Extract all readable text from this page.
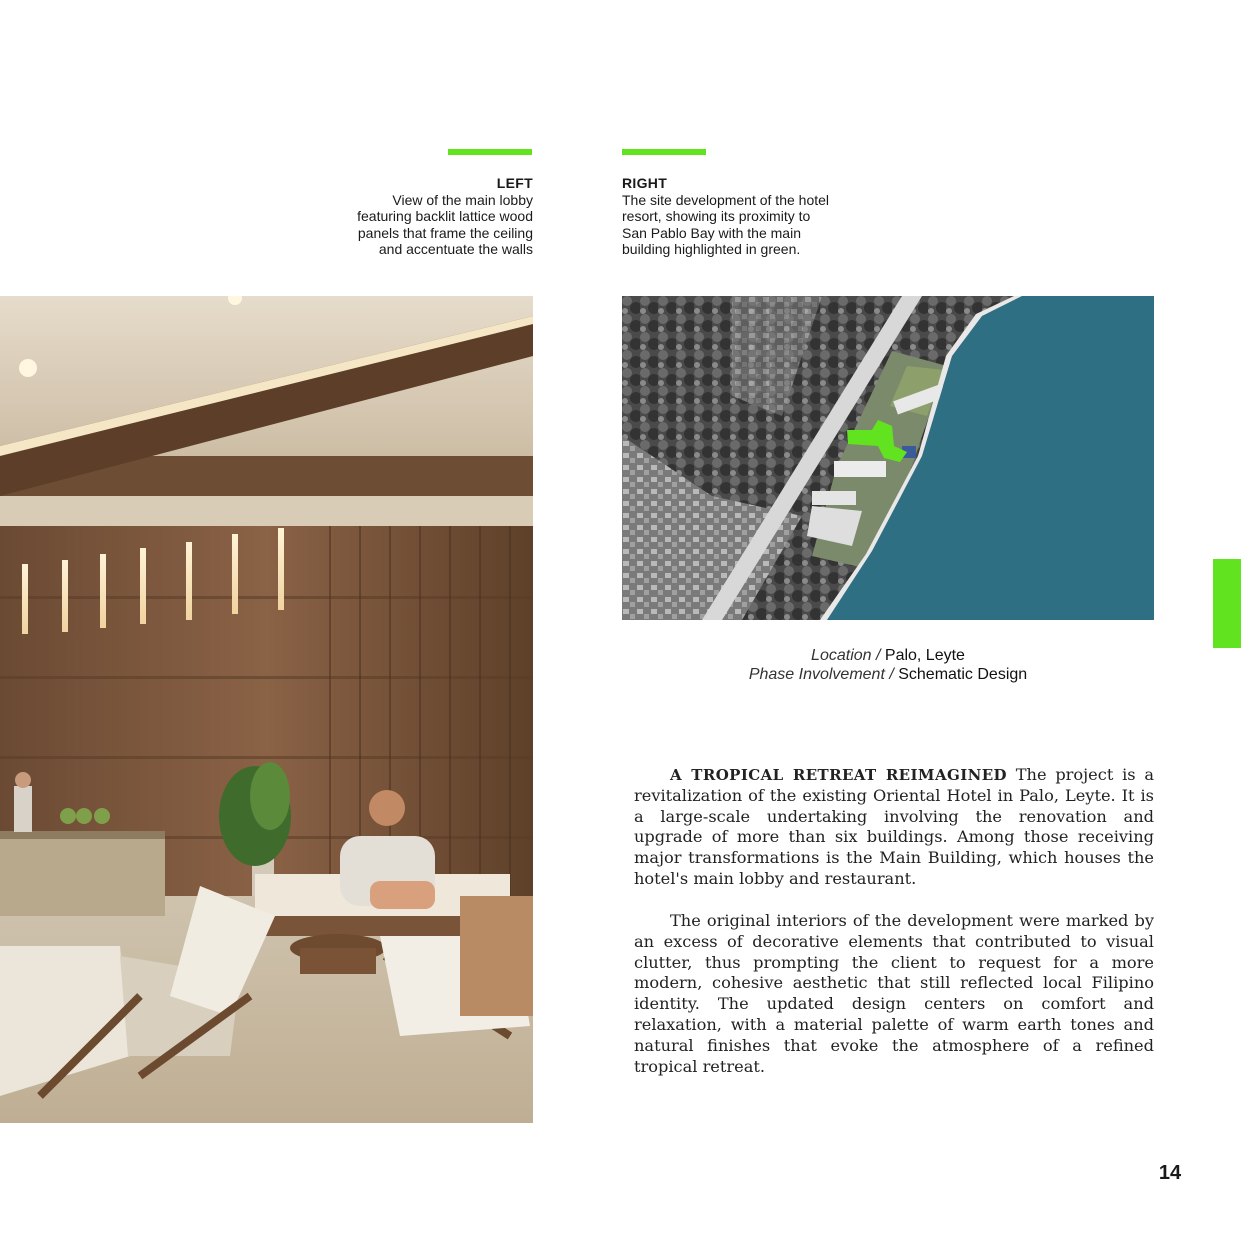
LEFT
View of the main lobby
featuring backlit lattice wood
panels that frame the ceiling
and accentuate the walls
RIGHT
The site development of the hotel
resort, showing its proximity to
San Pablo Bay with the main
building highlighted in green.
Location / Palo, Leyte
Phase Involvement / Schematic Design

A TROPICAL RETREAT REIMAGINED The project is a revitalization of the existing Oriental Hotel in Palo, Leyte. It is a large-scale undertaking involving the renovation and upgrade of more than six buildings. Among those receiving major transformations is the Main Building, which houses the hotel's main lobby and restaurant.

The original interiors of the development were marked by an excess of decorative elements that contributed to visual clutter, thus prompting the client to request for a more modern, cohesive aesthetic that still reflected local Filipino identity. The updated design centers on comfort and relaxation, with a material palette of warm earth tones and natural finishes that evoke the atmosphere of a refined tropical retreat.

14
